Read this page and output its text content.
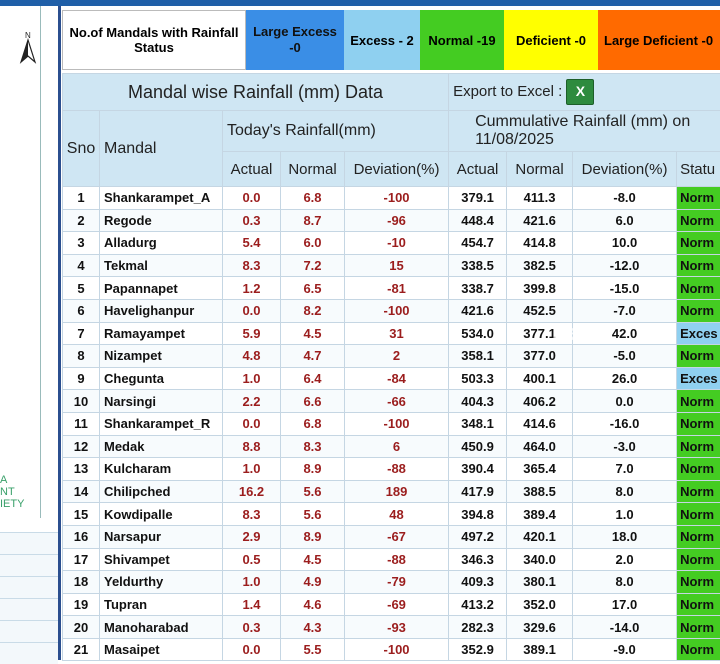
N
A
NT
IETY
No.of Mandals with Rainfall Status
Large Excess -0	Excess - 2	Normal -19	Deficient -0	Large Deficient -0
Mandal wise Rainfall (mm) Data					Export to Excel : X
Sno	Mandal	Today's Rainfall(mm)			Cummulative Rainfall (mm) on 11/08/2025			
		Actual	Normal	Deviation(%)	Actual	Normal	Deviation(%)	Statu
1	Shankarampet_A	0.0	6.8	-100	379.1	411.3	-8.0	Norm
2	Regode	0.3	8.7	-96	448.4	421.6	6.0	Norm
3	Alladurg	5.4	6.0	-10	454.7	414.8	10.0	Norm
4	Tekmal	8.3	7.2	15	338.5	382.5	-12.0	Norm
5	Papannapet	1.2	6.5	-81	338.7	399.8	-15.0	Norm
6	Havelighanpur	0.0	8.2	-100	421.6	452.5	-7.0	Norm
7	Ramayampet	5.9	4.5	31	534.0	377.1	42.0	Exces
8	Nizampet	4.8	4.7	2	358.1	377.0	-5.0	Norm
9	Chegunta	1.0	6.4	-84	503.3	400.1	26.0	Exces
10	Narsingi	2.2	6.6	-66	404.3	406.2	0.0	Norm
11	Shankarampet_R	0.0	6.8	-100	348.1	414.6	-16.0	Norm
12	Medak	8.8	8.3	6	450.9	464.0	-3.0	Norm
13	Kulcharam	1.0	8.9	-88	390.4	365.4	7.0	Norm
14	Chilipched	16.2	5.6	189	417.9	388.5	8.0	Norm
15	Kowdipalle	8.3	5.6	48	394.8	389.4	1.0	Norm
16	Narsapur	2.9	8.9	-67	497.2	420.1	18.0	Norm
17	Shivampet	0.5	4.5	-88	346.3	340.0	2.0	Norm
18	Yeldurthy	1.0	4.9	-79	409.3	380.1	8.0	Norm
19	Tupran	1.4	4.6	-69	413.2	352.0	17.0	Norm
20	Manoharabad	0.3	4.3	-93	282.3	329.6	-14.0	Norm
21	Masaipet	0.0	5.5	-100	352.9	389.1	-9.0	Norm
News
